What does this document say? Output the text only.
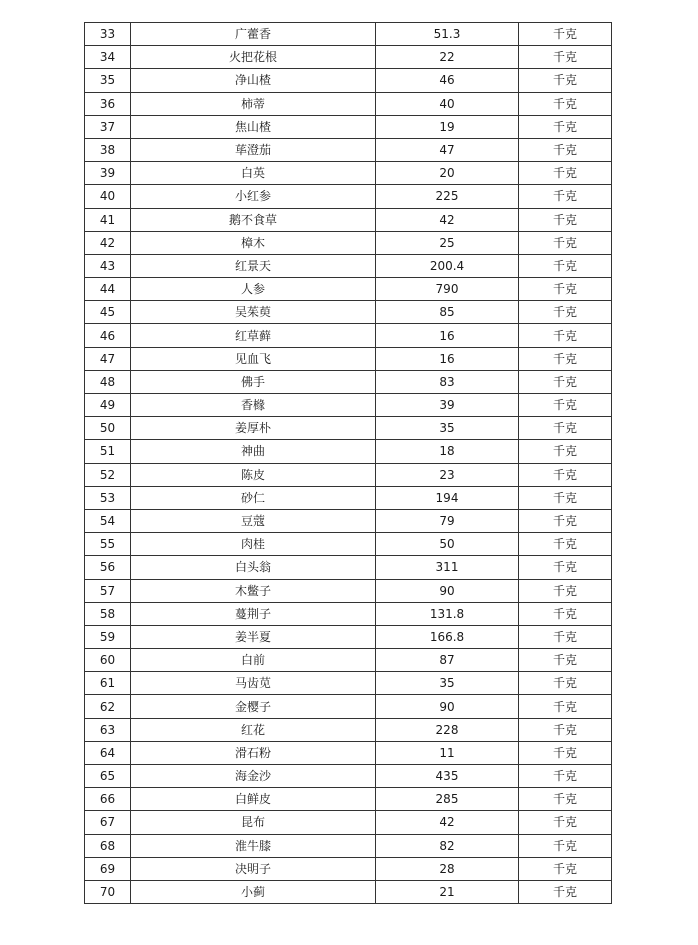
33	广藿香	51.3	千克
34	火把花根	22	千克
35	净山楂	46	千克
36	柿蒂	40	千克
37	焦山楂	19	千克
38	荜澄茄	47	千克
39	白英	20	千克
40	小红参	225	千克
41	鹅不食草	42	千克
42	樟木	25	千克
43	红景天	200.4	千克
44	人参	790	千克
45	吴茱萸	85	千克
46	红草藓	16	千克
47	见血飞	16	千克
48	佛手	83	千克
49	香橼	39	千克
50	姜厚朴	35	千克
51	神曲	18	千克
52	陈皮	23	千克
53	砂仁	194	千克
54	豆蔻	79	千克
55	肉桂	50	千克
56	白头翁	311	千克
57	木鳖子	90	千克
58	蔓荆子	131.8	千克
59	姜半夏	166.8	千克
60	白前	87	千克
61	马齿苋	35	千克
62	金樱子	90	千克
63	红花	228	千克
64	滑石粉	11	千克
65	海金沙	435	千克
66	白鲜皮	285	千克
67	昆布	42	千克
68	淮牛膝	82	千克
69	决明子	28	千克
70	小蓟	21	千克
